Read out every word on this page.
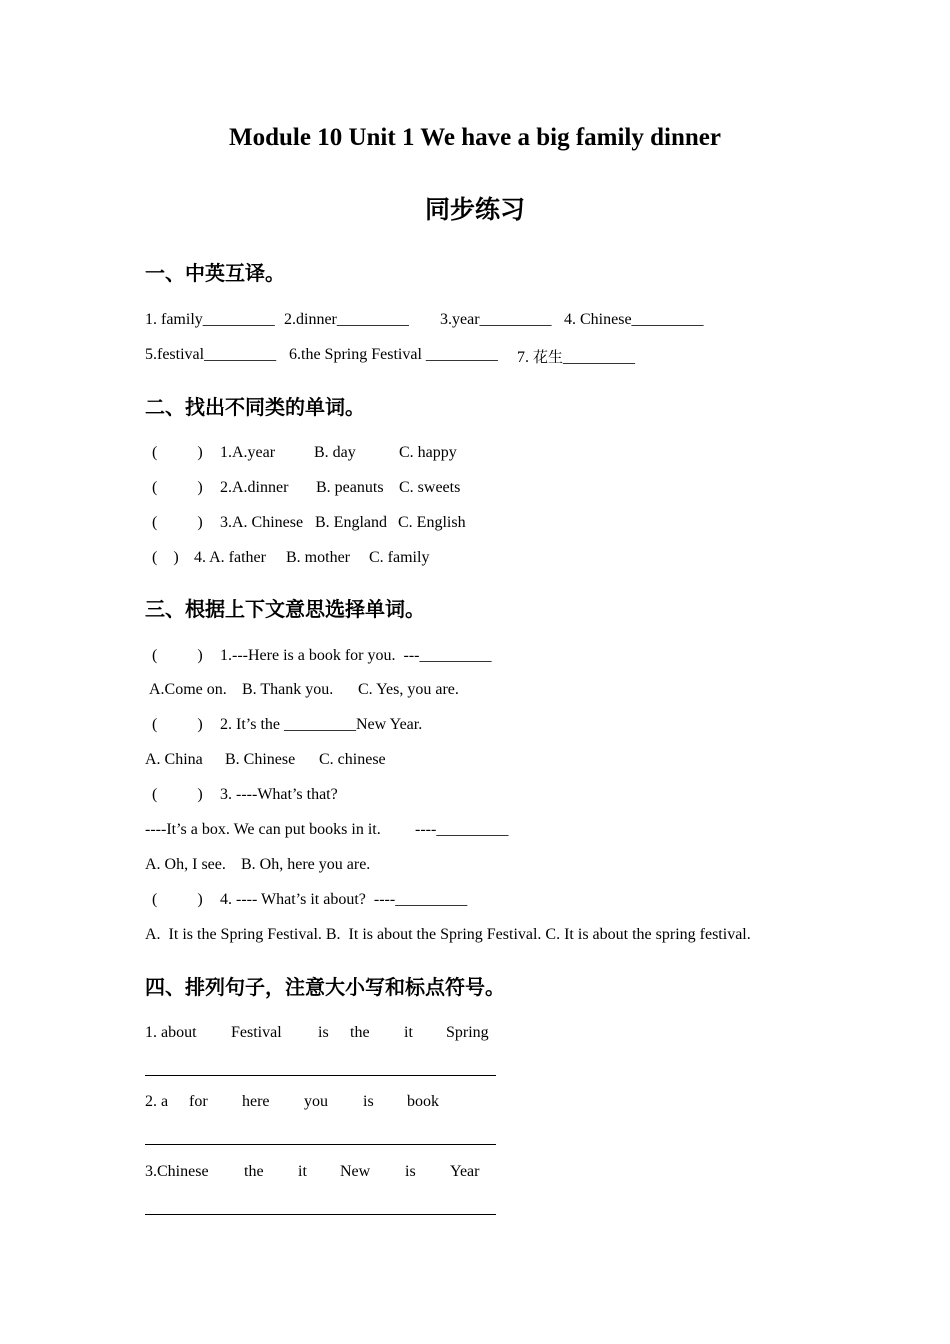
Module 10 Unit 1 We have a big family dinner
同步练习
一、中英互译。
1. family_________ 2.dinner_________ 3.year_________ 4. Chinese_________
5.festival_________ 6.the Spring Festival _________ 7. 花生_________
二、找出不同类的单词。
(          ) 1.A.year B. day	C. happy
(          ) 2.A.dinner B. peanuts C. sweets
(          ) 3.A. Chinese B. England C. English
(    ) 4. A. father B. mother C. family
三、根据上下文意思选择单词。
(          ) 1.---Here is a book for you.  ---_________
A.Come on. B. Thank you. C. Yes, you are.
(          ) 2. It’s the _________New Year.
A. China B. Chinese C. chinese
(          ) 3. ----What’s that?
----It’s a box. We can put books in it. ----_________
A. Oh, I see. B. Oh, here you are.
(          ) 4. ---- What’s it about?  ----_________
A.  It is the Spring Festival. B.  It is about the Spring Festival. C. It is about the spring festival.
四、排列句子，注意大小写和标点符号。
1. about Festival is the it Spring
2. a for here you is book
3.Chinese the it New is Year
